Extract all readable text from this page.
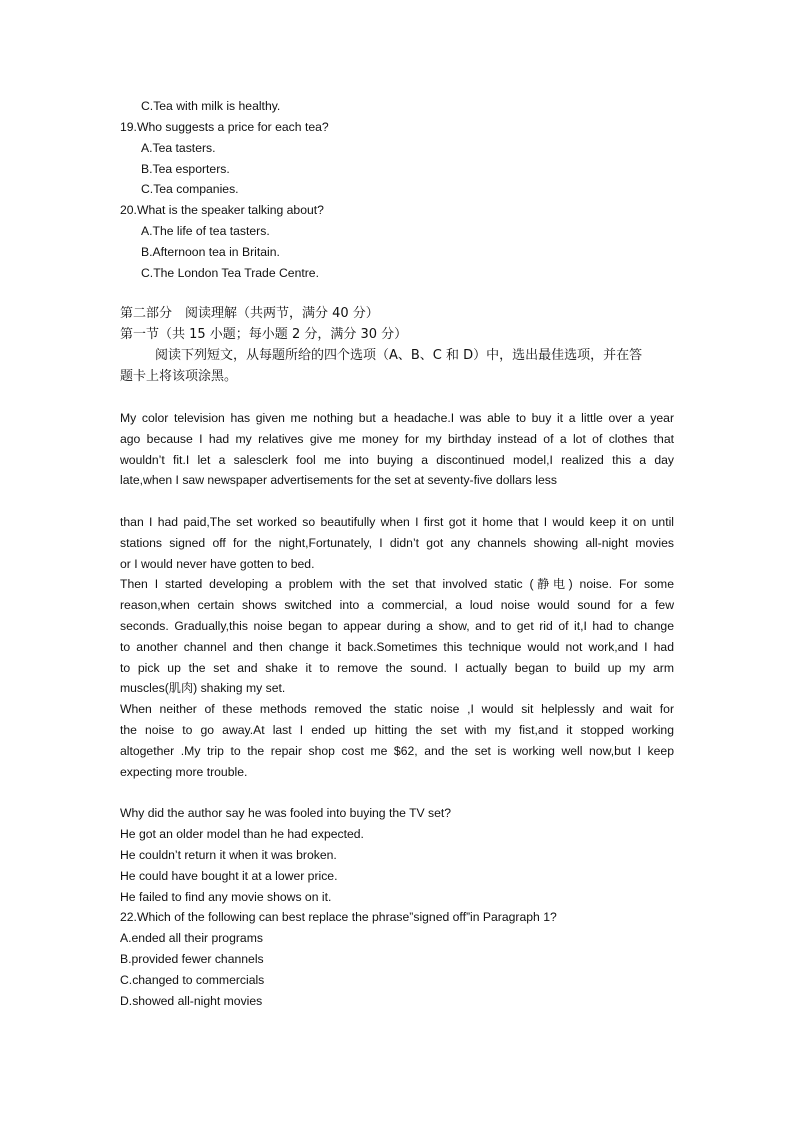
C.Tea with milk is healthy.
19.Who suggests a price for each tea?
A.Tea tasters.
B.Tea esporters.
C.Tea companies.
20.What is the speaker talking about?
A.The life of tea tasters.
B.Afternoon tea in Britain.
C.The London Tea Trade Centre.
第二部分　阅读理解（共两节，满分 40 分）
第一节（共 15 小题；每小题 2 分，满分 30 分）
阅读下列短文，从每题所给的四个选项（A、B、C 和 D）中，选出最佳选项，并在答
题卡上将该项涂黑。

My color television has given me nothing but a headache.I was able to buy it a little over a year

ago because I had my relatives give me money for my birthday instead of a lot of clothes that

wouldn’t fit.I let a salesclerk fool me into buying a discontinued model,I realized this a day

late,when I saw newspaper advertisements for the set at seventy-five dollars less

than I had paid,The set worked so beautifully when I first got it home that I would keep it on until

stations signed off for the night,Fortunately, I didn’t got any channels showing all-night movies

or I would never have gotten to bed.

Then I started developing a problem with the set that involved static (静电) noise. For some

reason,when certain shows switched into a commercial, a loud noise would sound for a few

seconds. Gradually,this noise began to appear during a show, and to get rid of it,I had to change

to another channel and then change it back.Sometimes this technique would not work,and I had

to pick up the set and shake it to remove the sound. I actually began to build up my arm

muscles(肌肉) shaking my set.

When neither of these methods removed the static noise ,I would sit helplessly and wait for

the noise to go away.At last I ended up hitting the set with my fist,and it stopped working

altogether .My trip to the repair shop cost me $62, and the set is working well now,but I keep

expecting more trouble.

Why did the author say he was fooled into buying the TV set?
He got an older model than he had expected.
He couldn’t return it when it was broken.
He could have bought it at a lower price.
He failed to find any movie shows on it.
22.Which of the following can best replace the phrase”signed off”in Paragraph 1?
A.ended all their programs
B.provided fewer channels
C.changed to commercials
D.showed all-night movies
